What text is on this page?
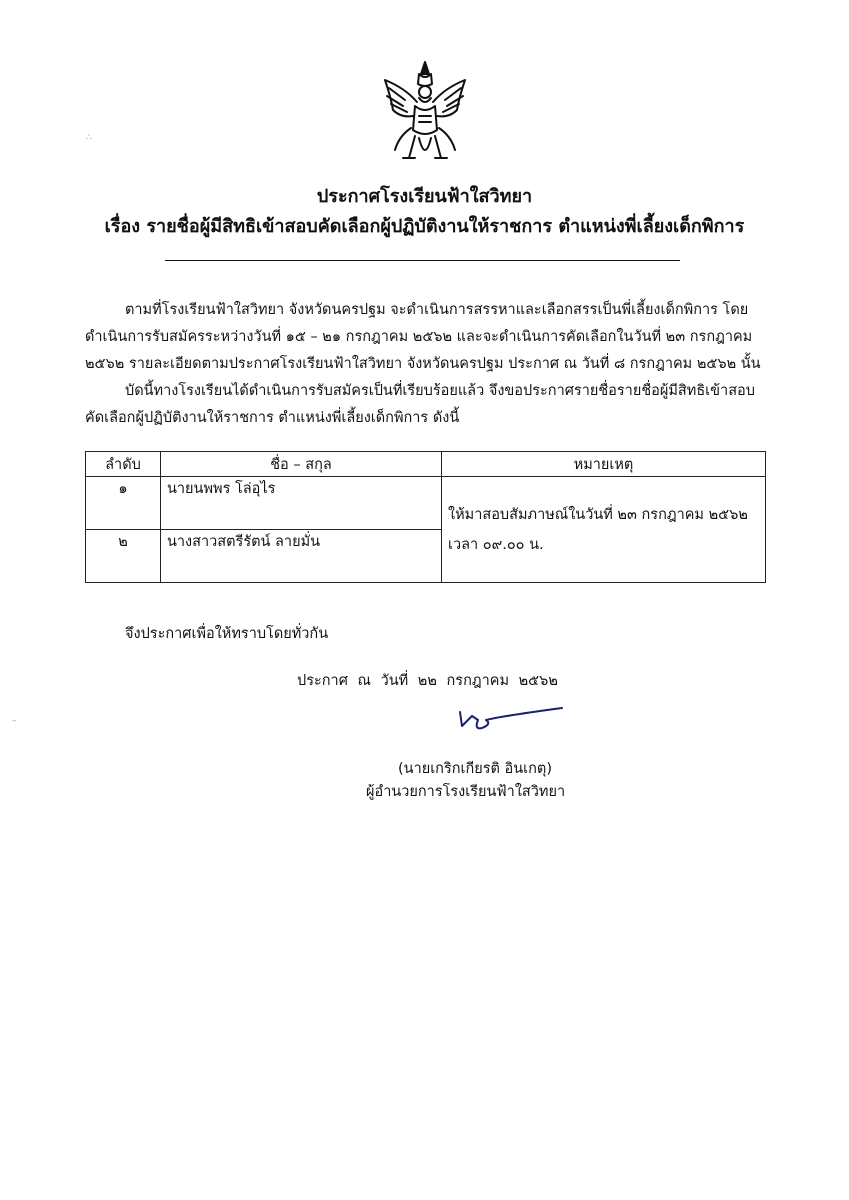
ประกาศโรงเรียนฟ้าใสวิทยา
เรื่อง รายชื่อผู้มีสิทธิเข้าสอบคัดเลือกผู้ปฏิบัติงานให้ราชการ ตำแหน่งพี่เลี้ยงเด็กพิการ
ตามที่โรงเรียนฟ้าใสวิทยา จังหวัดนครปฐม จะดำเนินการสรรหาและเลือกสรรเป็นพี่เลี้ยงเด็กพิการ โดย
ดำเนินการรับสมัครระหว่างวันที่ ๑๕ – ๒๑ กรกฎาคม ๒๕๖๒ และจะดำเนินการคัดเลือกในวันที่ ๒๓ กรกฎาคม
๒๕๖๒ รายละเอียดตามประกาศโรงเรียนฟ้าใสวิทยา จังหวัดนครปฐม ประกาศ ณ วันที่ ๘ กรกฎาคม ๒๕๖๒ นั้น
บัดนี้ทางโรงเรียนได้ดำเนินการรับสมัครเป็นที่เรียบร้อยแล้ว จึงขอประกาศรายชื่อรายชื่อผู้มีสิทธิเข้าสอบ
คัดเลือกผู้ปฏิบัติงานให้ราชการ ตำแหน่งพี่เลี้ยงเด็กพิการ ดังนี้
ลำดับ	ชื่อ – สกุล	หมายเหตุ
๑	นายนพพร โล่อุไร	ให้มาสอบสัมภาษณ์ในวันที่ ๒๓ กรกฎาคม ๒๕๖๒
เวลา ๐๙.๐๐ น.

๒	นางสาวสตรีรัตน์ ลายมั่น	
จึงประกาศเพื่อให้ทราบโดยทั่วกัน
ประกาศ ณ วันที่ ๒๒ กรกฎาคม ๒๕๖๒
(นายเกริกเกียรติ อินเกตุ)
ผู้อำนวยการโรงเรียนฟ้าใสวิทยา
∴
–
